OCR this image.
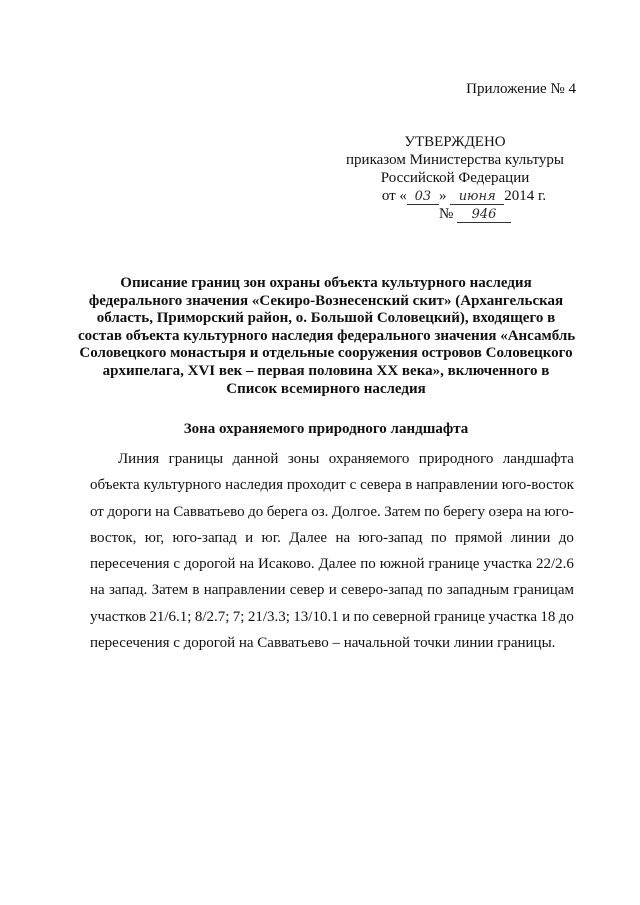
Приложение № 4
УТВЕРЖДЕНО
приказом Министерства культуры
Российской Федерации
от « 03 » июня 2014 г.
№ 946
Описание границ зон охраны объекта культурного наследия
федерального значения «Секиро-Вознесенский скит» (Архангельская
область, Приморский район, о. Большой Соловецкий), входящего в
состав объекта культурного наследия федерального значения «Ансамбль
Соловецкого монастыря и отдельные сооружения островов Соловецкого
архипелага, XVI век – первая половина XX века», включенного в
Список всемирного наследия
Зона охраняемого природного ландшафта
Линия границы данной зоны охраняемого природного ландшафта
объекта культурного наследия проходит с севера в направлении юго-восток
от дороги на Савватьево до берега оз. Долгое. Затем по берегу озера на юго-
восток, юг, юго-запад и юг. Далее на юго-запад по прямой линии до
пересечения с дорогой на Исаково. Далее по южной границе участка 22/2.6
на запад. Затем в направлении север и северо-запад по западным границам
участков 21/6.1; 8/2.7; 7; 21/3.3; 13/10.1 и по северной границе участка 18 до
пересечения с дорогой на Савватьево – начальной точки линии границы.
